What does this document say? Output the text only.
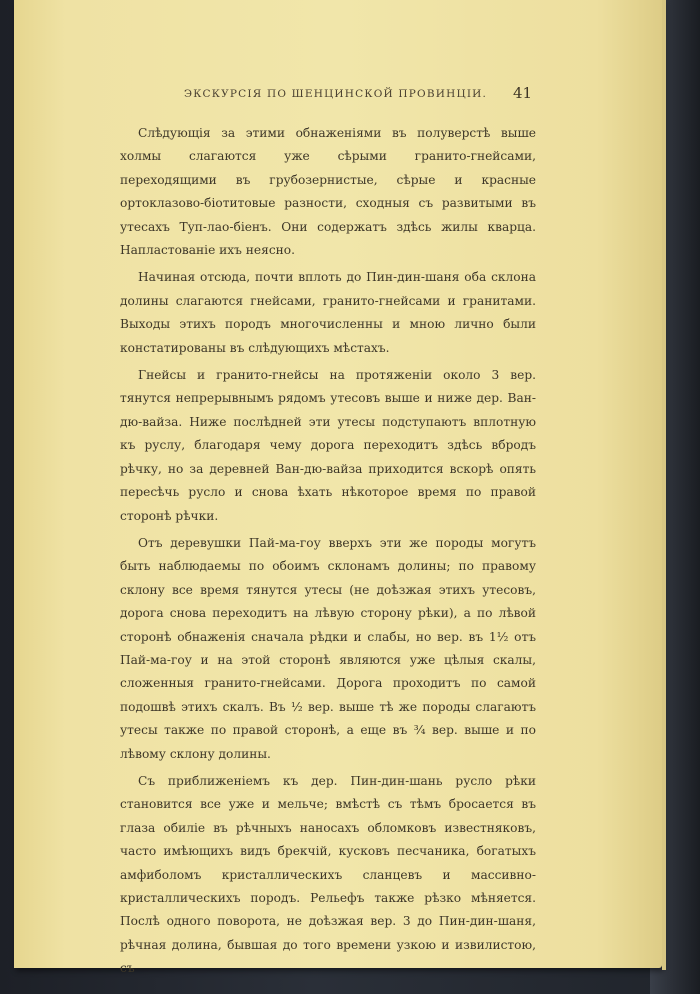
ЭКСКУРСІЯ ПО ШЕНЦИНСКОЙ ПРОВИНЦІИ. 41

Слѣдующія за этими обнаженіями въ полуверстѣ выше холмы слагаются уже сѣрыми гранито-гнейсами, переходящими въ грубозернистые, сѣрые и красные ортоклазово-біотитовые разности, сходныя съ развитыми въ утесахъ Туп-лао-біенъ. Они содержатъ здѣсь жилы кварца. Напластованіе ихъ неясно.

Начиная отсюда, почти вплоть до Пин-дин-шаня оба склона долины слагаются гнейсами, гранито-гнейсами и гранитами. Выходы этихъ породъ многочисленны и мною лично были констатированы въ слѣдующихъ мѣстахъ.

Гнейсы и гранито-гнейсы на протяженіи около 3 вер. тянутся непрерывнымъ рядомъ утесовъ выше и ниже дер. Ван-дю-вайза. Ниже послѣдней эти утесы подступаютъ вплотную къ руслу, благодаря чему дорога переходитъ здѣсь вбродъ рѣчку, но за деревней Ван-дю-вайза приходится вскорѣ опять пересѣчь русло и снова ѣхать нѣкоторое время по правой сторонѣ рѣчки.

Отъ деревушки Пай-ма-гоу вверхъ эти же породы могутъ быть наблюдаемы по обоимъ склонамъ долины; по правому склону все время тянутся утесы (не доѣзжая этихъ утесовъ, дорога снова переходитъ на лѣвую сторону рѣки), а по лѣвой сторонѣ обнаженія сначала рѣдки и слабы, но вер. въ 1½ отъ Пай-ма-гоу и на этой сторонѣ являются уже цѣлыя скалы, сложенныя гранито-гнейсами. Дорога проходитъ по самой подошвѣ этихъ скалъ. Въ ½ вер. выше тѣ же породы слагаютъ утесы также по правой сторонѣ, а еще въ ¾ вер. выше и по лѣвому склону долины.

Съ приближеніемъ къ дер. Пин-дин-шань русло рѣки становится все уже и мельче; вмѣстѣ съ тѣмъ бросается въ глаза обиліе въ рѣчныхъ наносахъ обломковъ известняковъ, часто имѣющихъ видъ брекчій, кусковъ песчаника, богатыхъ амфиболомъ кристаллическихъ сланцевъ и массивно-кристаллическихъ породъ. Рельефъ также рѣзко мѣняется. Послѣ одного поворота, не доѣзжая вер. 3 до Пин-дин-шаня, рѣчная долина, бывшая до того времени узкою и извилистою, съ
